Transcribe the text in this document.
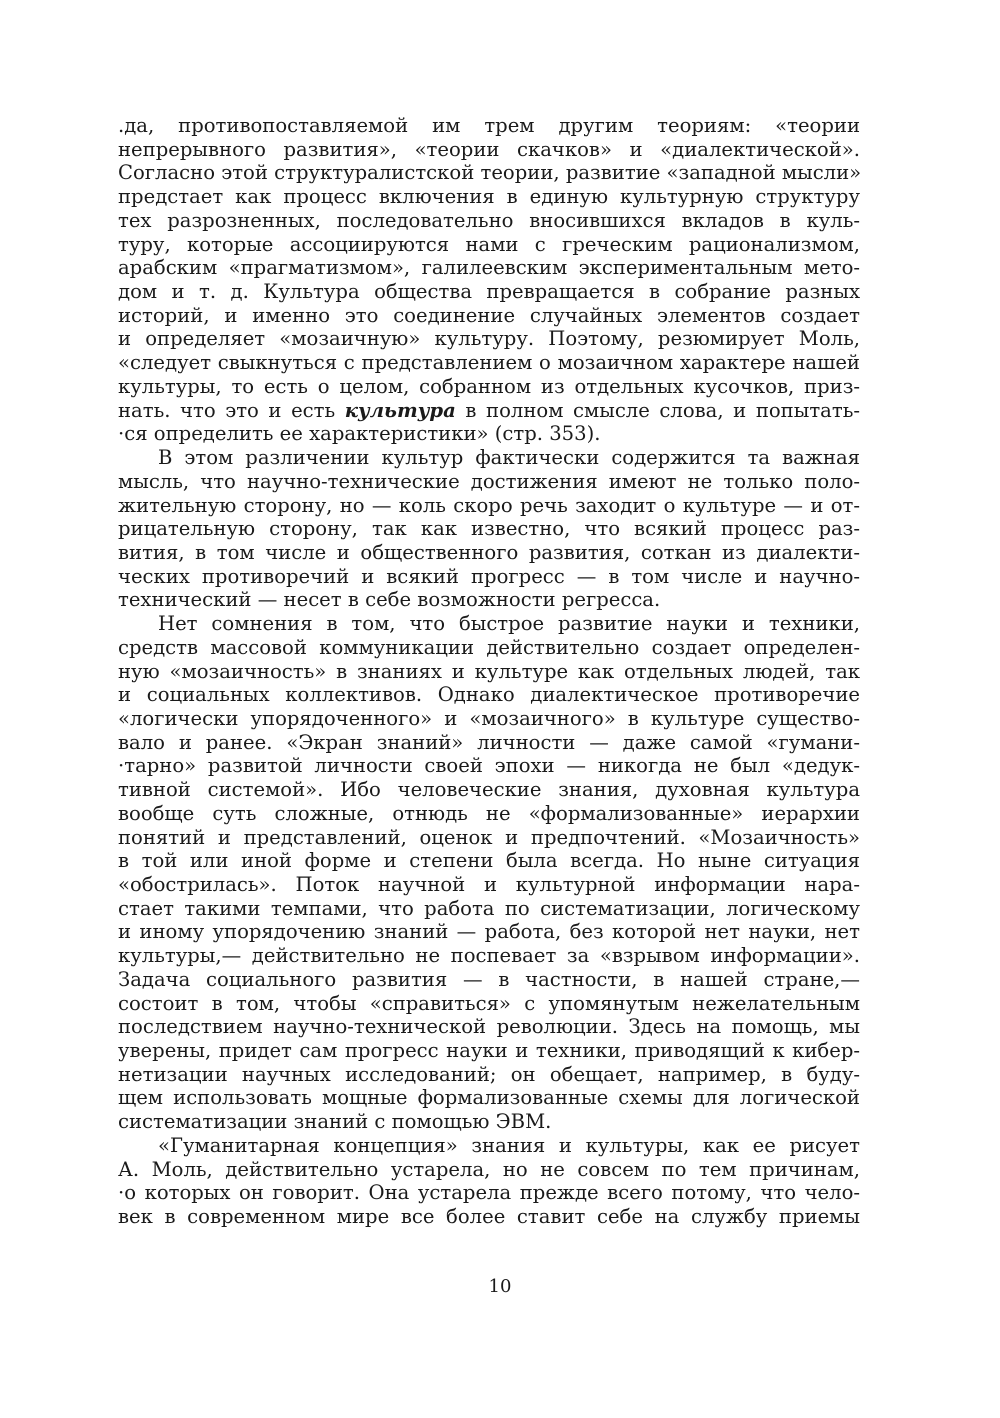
.да, противопоставляемой им трем другим теориям: «теории
непрерывного развития», «теории скачков» и «диалектической».
Согласно этой структуралистской теории, развитие «западной мысли»
предстает как процесс включения в единую культурную структуру
тех разрозненных, последовательно вносившихся вкладов в куль-
туру, которые ассоциируются нами с греческим рационализмом,
арабским «прагматизмом», галилеевским экспериментальным мето-
дом и т. д. Культура общества превращается в собрание разных
историй, и именно это соединение случайных элементов создает
и определяет «мозаичную» культуру. Поэтому, резюмирует Моль,
«следует свыкнуться с представлением о мозаичном характере нашей
культуры, то есть о целом, собранном из отдельных кусочков, приз-
нать. что это и есть культура в полном смысле слова, и попытать-
·ся определить ее характеристики» (стр. 353).
В этом различении культур фактически содержится та важная
мысль, что научно-технические достижения имеют не только поло-
жительную сторону, но — коль скоро речь заходит о культуре — и от-
рицательную сторону, так как известно, что всякий процесс раз-
вития, в том числе и общественного развития, соткан из диалекти-
ческих противоречий и всякий прогресс — в том числе и научно-
технический — несет в себе возможности регресса.
Нет сомнения в том, что быстрое развитие науки и техники,
средств массовой коммуникации действительно создает определен-
ную «мозаичность» в знаниях и культуре как отдельных людей, так
и социальных коллективов. Однако диалектическое противоречие
«логически упорядоченного» и «мозаичного» в культуре существо-
вало и ранее. «Экран знаний» личности — даже самой «гумани-
·тарно» развитой личности своей эпохи — никогда не был «дедук-
тивной системой». Ибо человеческие знания, духовная культура
вообще суть сложные, отнюдь не «формализованные» иерархии
понятий и представлений, оценок и предпочтений. «Мозаичность»
в той или иной форме и степени была всегда. Но ныне ситуация
«обострилась». Поток научной и культурной информации нара-
стает такими темпами, что работа по систематизации, логическому
и иному упорядочению знаний — работа, без которой нет науки, нет
культуры,— действительно не поспевает за «взрывом информации».
Задача социального развития — в частности, в нашей стране,—
состоит в том, чтобы «справиться» с упомянутым нежелательным
последствием научно-технической революции. Здесь на помощь, мы
уверены, придет сам прогресс науки и техники, приводящий к кибер-
нетизации научных исследований; он обещает, например, в буду-
щем использовать мощные формализованные схемы для логической
систематизации знаний с помощью ЭВМ.
«Гуманитарная концепция» знания и культуры, как ее рисует
А. Моль, действительно устарела, но не совсем по тем причинам,
·о которых он говорит. Она устарела прежде всего потому, что чело-
век в современном мире все более ставит себе на службу приемы
10
